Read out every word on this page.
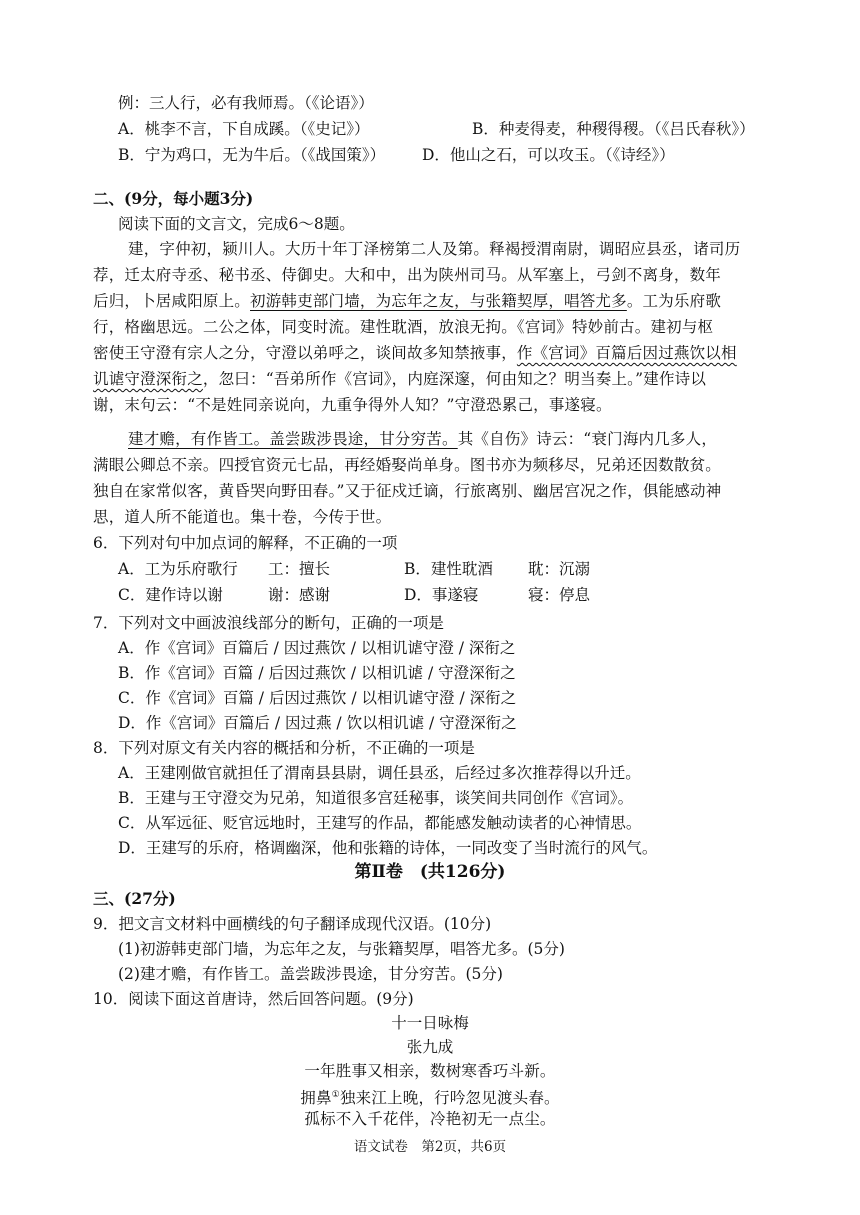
例：三人行，必有我师焉。（《论语》）
A．桃李不言，下自成蹊。（《史记》）	B．种麦得麦，种稷得稷。（《吕氏春秋》）
B．宁为鸡口，无为牛后。（《战国策》） D．他山之石，可以攻玉。（《诗经》）
二、(9分，每小题3分)
阅读下面的文言文，完成6～8题。
建，字仲初，颍川人。大历十年丁泽榜第二人及第。释褐授渭南尉，调昭应县丞，诸司历
荐，迁太府寺丞、秘书丞、侍御史。大和中，出为陕州司马。从军塞上，弓剑不离身，数年
后归，卜居咸阳原上。初游韩吏部门墙，为忘年之友，与张籍契厚，唱答尤多。工为乐府歌
行，格幽思远。二公之体，同变时流。建性耽酒，放浪无拘。《宫词》特妙前古。建初与枢
密使王守澄有宗人之分，守澄以弟呼之，谈间故多知禁掖事，作《宫词》百篇后因过燕饮以相
讥谑守澄深衔之，忽曰：“吾弟所作《宫词》，内庭深邃，何由知之？明当奏上。”建作诗以
谢，末句云：“不是姓同亲说向，九重争得外人知？”守澄恐累己，事遂寝。
建才赡，有作皆工。盖尝跋涉畏途，甘分穷苦。其《自伤》诗云：“衰门海内几多人，
满眼公卿总不亲。四授官资元七品，再经婚娶尚单身。图书亦为频移尽，兄弟还因数散贫。
独自在家常似客，黄昏哭向野田春。”又于征戍迁谪，行旅离别、幽居宫况之作，俱能感动神
思，道人所不能道也。集十卷，今传于世。
6．下列对句中加点词的解释，不正确的一项
A．工为乐府歌行 工：擅长	B．建性耽酒 耽：沉溺
C．建作诗以谢	谢：感谢	D．事遂寝	寝：停息
7．下列对文中画波浪线部分的断句，正确的一项是
A．作《宫词》百篇后 / 因过燕饮 / 以相讥谑守澄 / 深衔之
B．作《宫词》百篇 / 后因过燕饮 / 以相讥谑 / 守澄深衔之
C．作《宫词》百篇 / 后因过燕饮 / 以相讥谑守澄 / 深衔之
D．作《宫词》百篇后 / 因过燕 / 饮以相讥谑 / 守澄深衔之
8．下列对原文有关内容的概括和分析，不正确的一项是
A．王建刚做官就担任了渭南县县尉，调任县丞，后经过多次推荐得以升迁。
B．王建与王守澄交为兄弟，知道很多宫廷秘事，谈笑间共同创作《宫词》。
C．从军远征、贬官远地时，王建写的作品，都能感发触动读者的心神情思。
D．王建写的乐府，格调幽深，他和张籍的诗体，一同改变了当时流行的风气。
第Ⅱ卷　(共126分)
三、(27分)
9．把文言文材料中画横线的句子翻译成现代汉语。(10分)
(1)初游韩吏部门墙，为忘年之友，与张籍契厚，唱答尤多。(5分)
(2)建才赡，有作皆工。盖尝跋涉畏途，甘分穷苦。(5分)
10．阅读下面这首唐诗，然后回答问题。(9分)
十一日咏梅
张九成
一年胜事又相亲，数树寒香巧斗新。
拥鼻①独来江上晚，行吟忽见渡头春。
孤标不入千花伴，冷艳初无一点尘。
语文试卷　第2页，共6页
